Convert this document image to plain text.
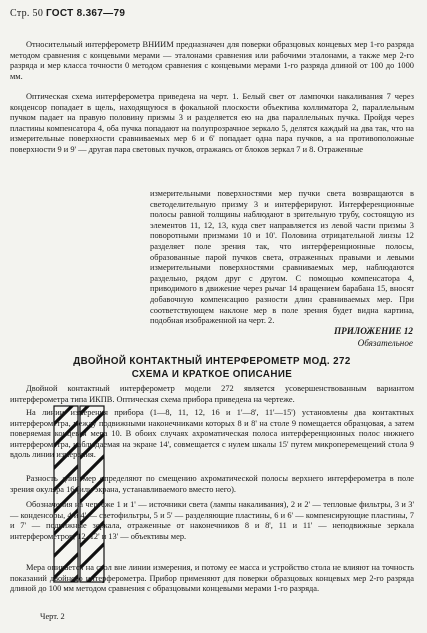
Стр. 50 ГОСТ 8.367—79

Относительный интерферометр ВНИИМ предназначен для поверки образцовых концевых мер 1-го разряда методом сравнения с концевыми мерами — эталонами сравнения или рабочими эталонами, а также мер 2-го разряда и мер класса точности 0 методом сравнения с концевыми мерами 1-го разряда длиной от 100 до 1000 мм.

Оптическая схема интерферометра приведена на черт. 1. Белый свет от лампочки накаливания 7 через конденсор попадает в щель, находящуюся в фокальной плоскости объектива коллиматора 2, параллельным пучком падает на правую половину призмы 3 и разделяется ею на два параллельных пучка. Пройдя через пластины компенсатора 4, оба пучка попадают на полупрозрачное зеркало 5, делятся каждый на два так, что на измерительные поверхности сравниваемых мер 6 и 6' попадает одна пара пучков, а на противоположные поверхности 9 и 9' — другая пара световых пучков, отражаясь от блоков зеркал 7 и 8. Отраженные

измерительными поверхностями мер пучки света возвращаются в светоделительную призму 3 и интерферируют. Интерференционные полосы равной толщины наблюдают в зрительную трубу, состоящую из элементов 11, 12, 13, куда свет направляется из левой части призмы 3 поворотными призмами 10 и 10'. Половина отрицательной линзы 12 разделяет поле зрения так, что интерференционные полосы, образованные парой пучков света, отраженных правыми и левыми измерительными поверхностями сравниваемых мер, наблюдаются раздельно, рядом друг с другом. С помощью компенсатора 4, приводимого в движение через рычаг 14 вращением барабана 15, вносят добавочную компенсацию разности длин сравниваемых мер. При соответствующем наклоне мер в поле зрения будет видна картина, подобная изображенной на черт. 2.

Черт. 2
ПРИЛОЖЕНИЕ 12
Обязательное
ДВОЙНОЙ КОНТАКТНЫЙ ИНТЕРФЕРОМЕТР МОД. 272
СХЕМА И КРАТКОЕ ОПИСАНИЕ

Двойной контактный интерферометр модели 272 является усовершенствованным вариантом интерферометра типа ИКПВ. Оптическая схема прибора приведена на чертеже.

На линии измерения прибора (1—8, 11, 12, 16 и 1'—8', 11'—15') установлены два контактных интерферометра, между подвижными наконечниками которых 8 и 8' на столе 9 помещается образцовая, а затем поверяемая концевая мера 10. В обоих случаях ахроматическая полоса интерференционных полос нижнего интерферометра, наблюдаемая на экране 14', совмещается с нулем шкалы 15' путем микроперемещений стола 9 вдоль линии измерения.

Разность длин мер определяют по смещению ахроматической полосы верхнего интерферометра в поле зрения окуляра 16 (или экрана, устанавливаемого вместо него).

Обозначения на чертеже 1 и 1' — источники света (лампы накаливания), 2 и 2' — тепловые фильтры, 3 и 3' — конденсоры, 4 и 4' — светофильтры, 5 и 5' — разделяющие пластины, 6 и 6' — компенсирующие пластины, 7 и 7' — подвижные зеркала, отраженные от наконечников 8 и 8', 11 и 11' — неподвижные зеркала интерферометров, 12, 12' и 13' — объективы мер.

Мера опирается на стол вне линии измерения, и потому ее масса и устройство стола не влияют на точность показаний двойного интерферометра. Прибор применяют для поверки образцовых концевых мер 2-го разряда длиной до 100 мм методом сравнения с образцовыми концевыми мерами 1-го разряда.
